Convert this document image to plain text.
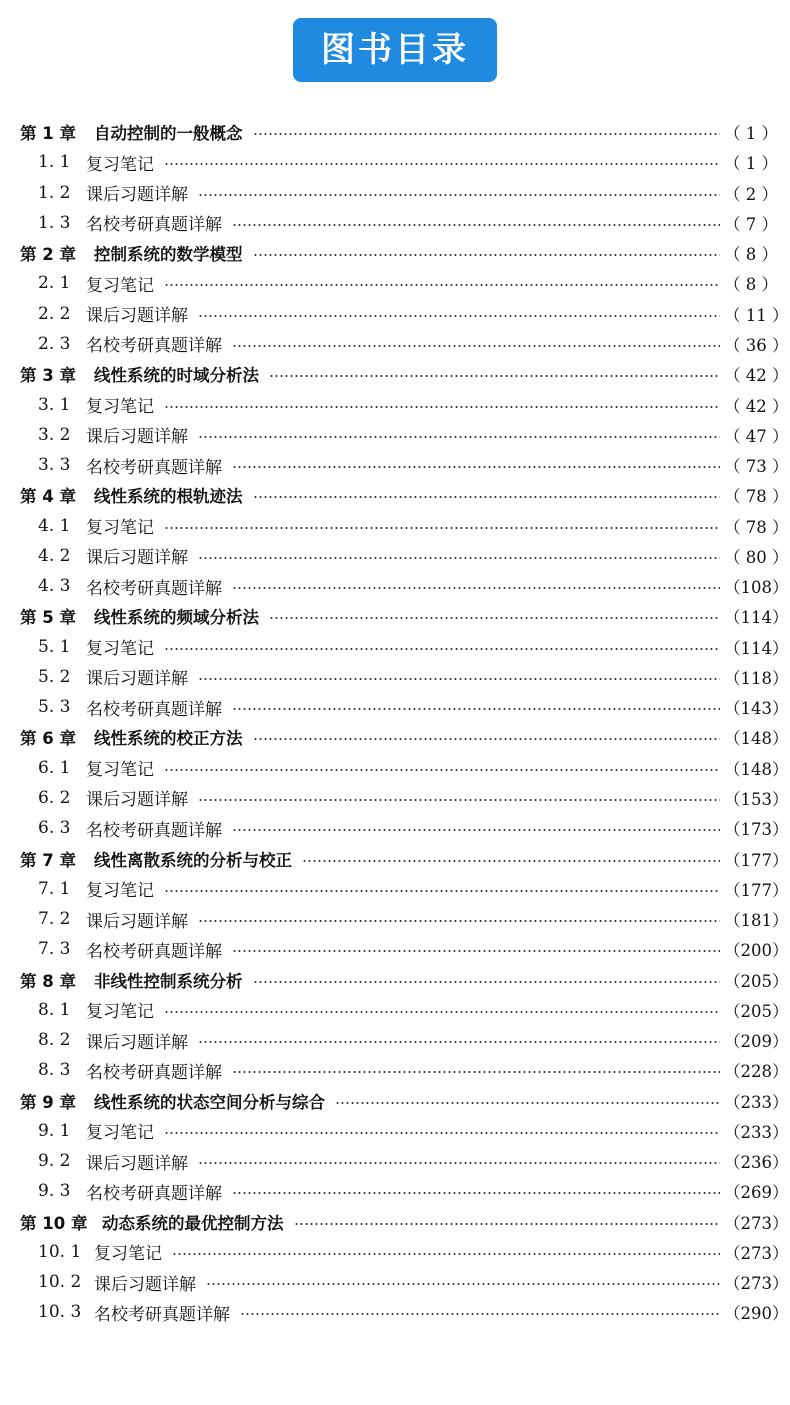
图书目录
第 1 章	自动控制的一般概念	（ 1 ）
1. 1 复习笔记	（ 1 ）
1. 2 课后习题详解	（ 2 ）
1. 3 名校考研真题详解	（ 7 ）
第 2 章	控制系统的数学模型	（ 8 ）
2. 1 复习笔记	（ 8 ）
2. 2 课后习题详解	（ 11 ）
2. 3 名校考研真题详解	（ 36 ）
第 3 章	线性系统的时域分析法	（ 42 ）
3. 1 复习笔记	（ 42 ）
3. 2 课后习题详解	（ 47 ）
3. 3 名校考研真题详解	（ 73 ）
第 4 章	线性系统的根轨迹法	（ 78 ）
4. 1 复习笔记	（ 78 ）
4. 2 课后习题详解	（ 80 ）
4. 3 名校考研真题详解	（108）
第 5 章	线性系统的频域分析法	（114）
5. 1 复习笔记	（114）
5. 2 课后习题详解	（118）
5. 3 名校考研真题详解	（143）
第 6 章	线性系统的校正方法	（148）
6. 1 复习笔记	（148）
6. 2 课后习题详解	（153）
6. 3 名校考研真题详解	（173）
第 7 章	线性离散系统的分析与校正	（177）
7. 1 复习笔记	（177）
7. 2 课后习题详解	（181）
7. 3 名校考研真题详解	（200）
第 8 章	非线性控制系统分析	（205）
8. 1 复习笔记	（205）
8. 2 课后习题详解	（209）
8. 3 名校考研真题详解	（228）
第 9 章	线性系统的状态空间分析与综合	（233）
9. 1 复习笔记	（233）
9. 2 课后习题详解	（236）
9. 3 名校考研真题详解	（269）
第 10 章 动态系统的最优控制方法	（273）
10. 1 复习笔记	（273）
10. 2 课后习题详解	（273）
10. 3 名校考研真题详解	（290）
